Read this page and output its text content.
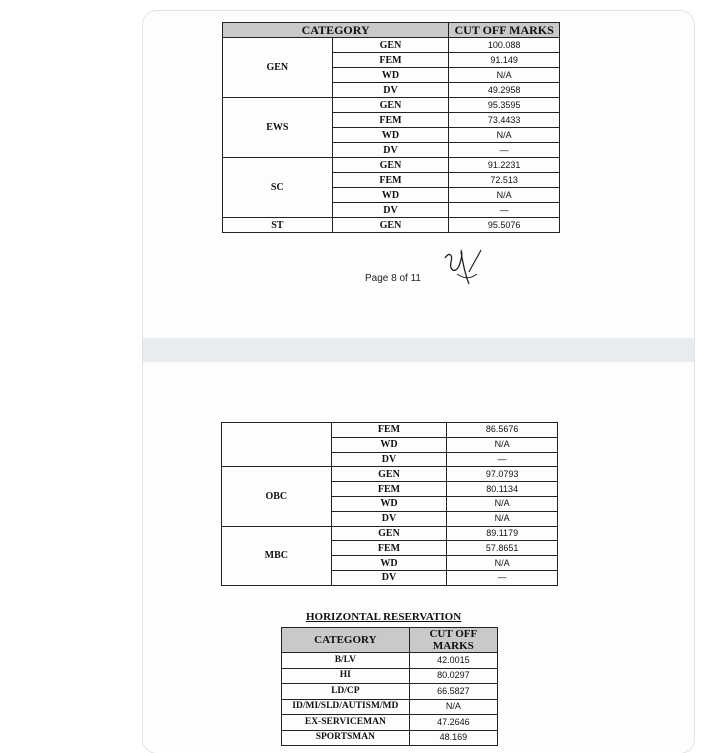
CATEGORY		CUT OFF MARKS
GEN	GEN	100.088
	FEM	91.149
	WD	N/A
	DV	49.2958
EWS	GEN	95.3595
	FEM	73.4433
	WD	N/A
	DV	—
SC	GEN	91.2231
	FEM	72.513
	WD	N/A
	DV	—
ST	GEN	95.5076
Page 8 of 11
	FEM	86.5676
	WD	N/A
	DV	—
OBC	GEN	97.0793
	FEM	80.1134
	WD	N/A
	DV	N/A
MBC	GEN	89.1179
	FEM	57.8651
	WD	N/A
	DV	—
HORIZONTAL RESERVATION
CATEGORY	CUT OFF MARKS
B/LV	42.0015
HI	80.0297
LD/CP	66.5827
ID/MI/SLD/AUTISM/MD	N/A
EX-SERVICEMAN	47.2646
SPORTSMAN	48.169
